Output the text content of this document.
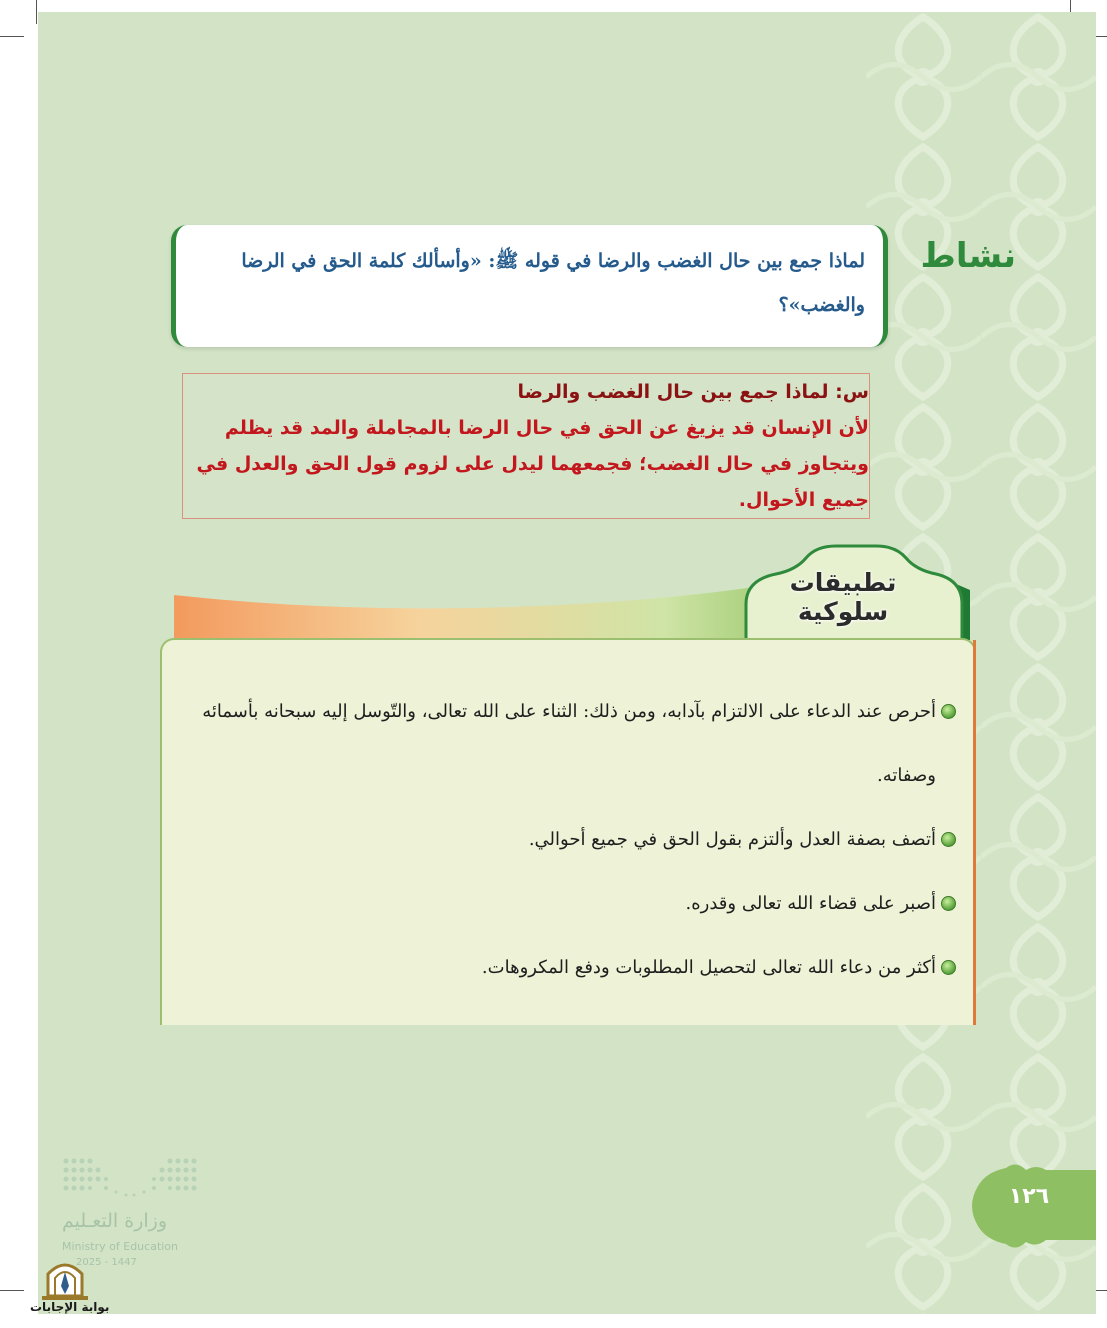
نشاط
لماذا جمع بين حال الغضب والرضا في قوله ﷺ: «وأسألك كلمة الحق في الرضا والغضب»؟
س: لماذا جمع بين حال الغضب والرضا
لأن الإنسان قد يزيغ عن الحق في حال الرضا بالمجاملة والمد قد يظلم ويتجاوز في حال الغضب؛ فجمعهما ليدل على لزوم قول الحق والعدل في جميع الأحوال.
تطبيقات سلوكية
أحرص عند الدعاء على الالتزام بآدابه، ومن ذلك: الثناء على الله تعالى، والتّوسل إليه سبحانه بأسمائه وصفاته.
أتصف بصفة العدل وألتزم بقول الحق في جميع أحوالي.
أصبر على قضاء الله تعالى وقدره.
أكثر من دعاء الله تعالى لتحصيل المطلوبات ودفع المكروهات.
وزارة التعـليم
Ministry of Education
2025 - 1447
١٢٦
بوابة الإجابات
